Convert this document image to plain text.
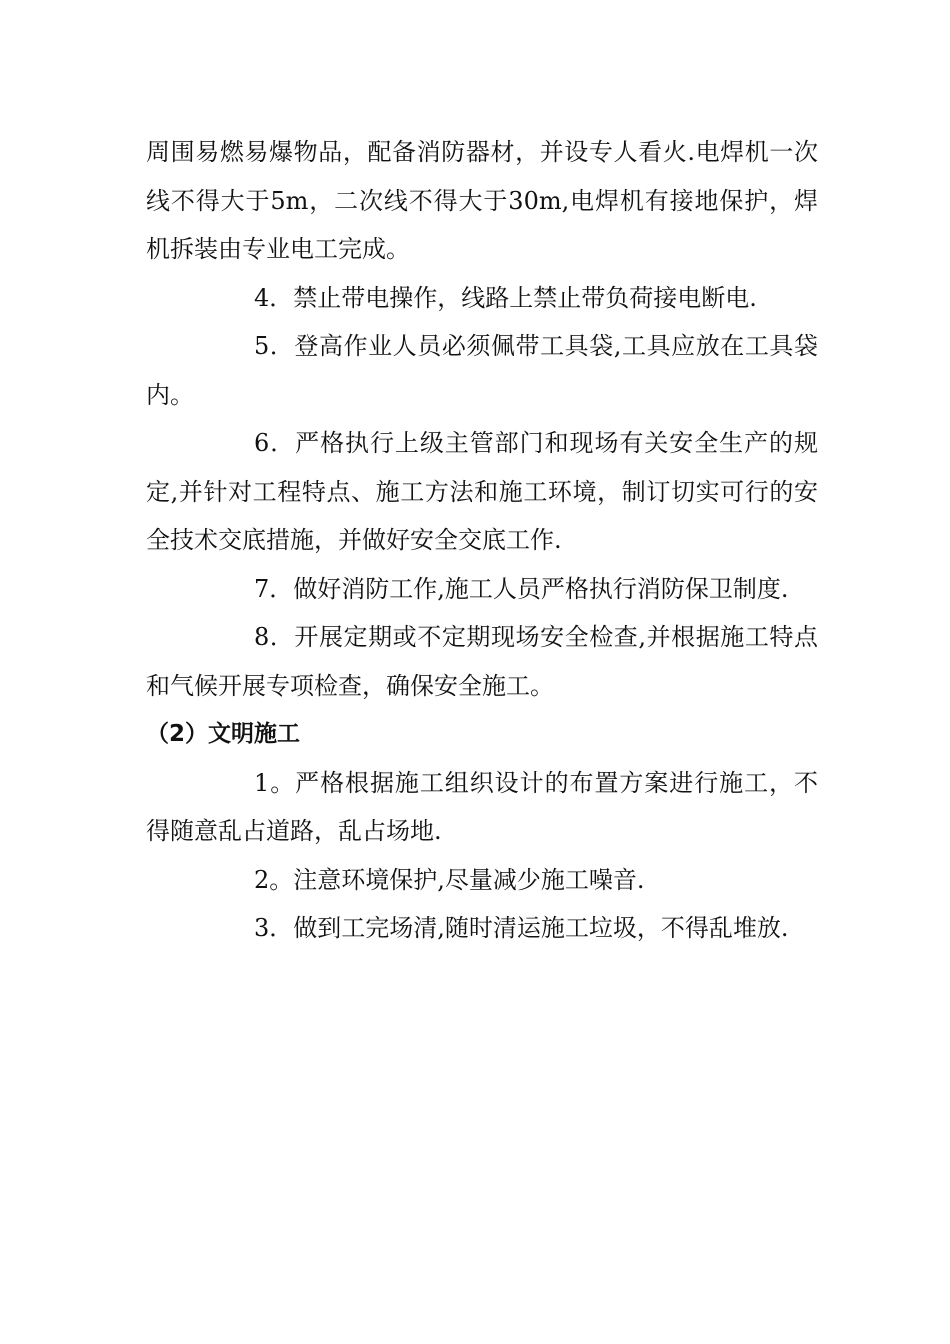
周围易燃易爆物品，配备消防器材，并设专人看火.电焊机一次线不得大于5m，二次线不得大于30m,电焊机有接地保护，焊机拆装由专业电工完成。

4．禁止带电操作，线路上禁止带负荷接电断电.

5．登高作业人员必须佩带工具袋,工具应放在工具袋内。

6．严格执行上级主管部门和现场有关安全生产的规定,并针对工程特点、施工方法和施工环境，制订切实可行的安全技术交底措施，并做好安全交底工作.

7．做好消防工作,施工人员严格执行消防保卫制度.

8．开展定期或不定期现场安全检查,并根据施工特点和气候开展专项检查，确保安全施工。

（2）文明施工

1。严格根据施工组织设计的布置方案进行施工，不得随意乱占道路，乱占场地.

2。注意环境保护,尽量减少施工噪音.

3．做到工完场清,随时清运施工垃圾，不得乱堆放.
